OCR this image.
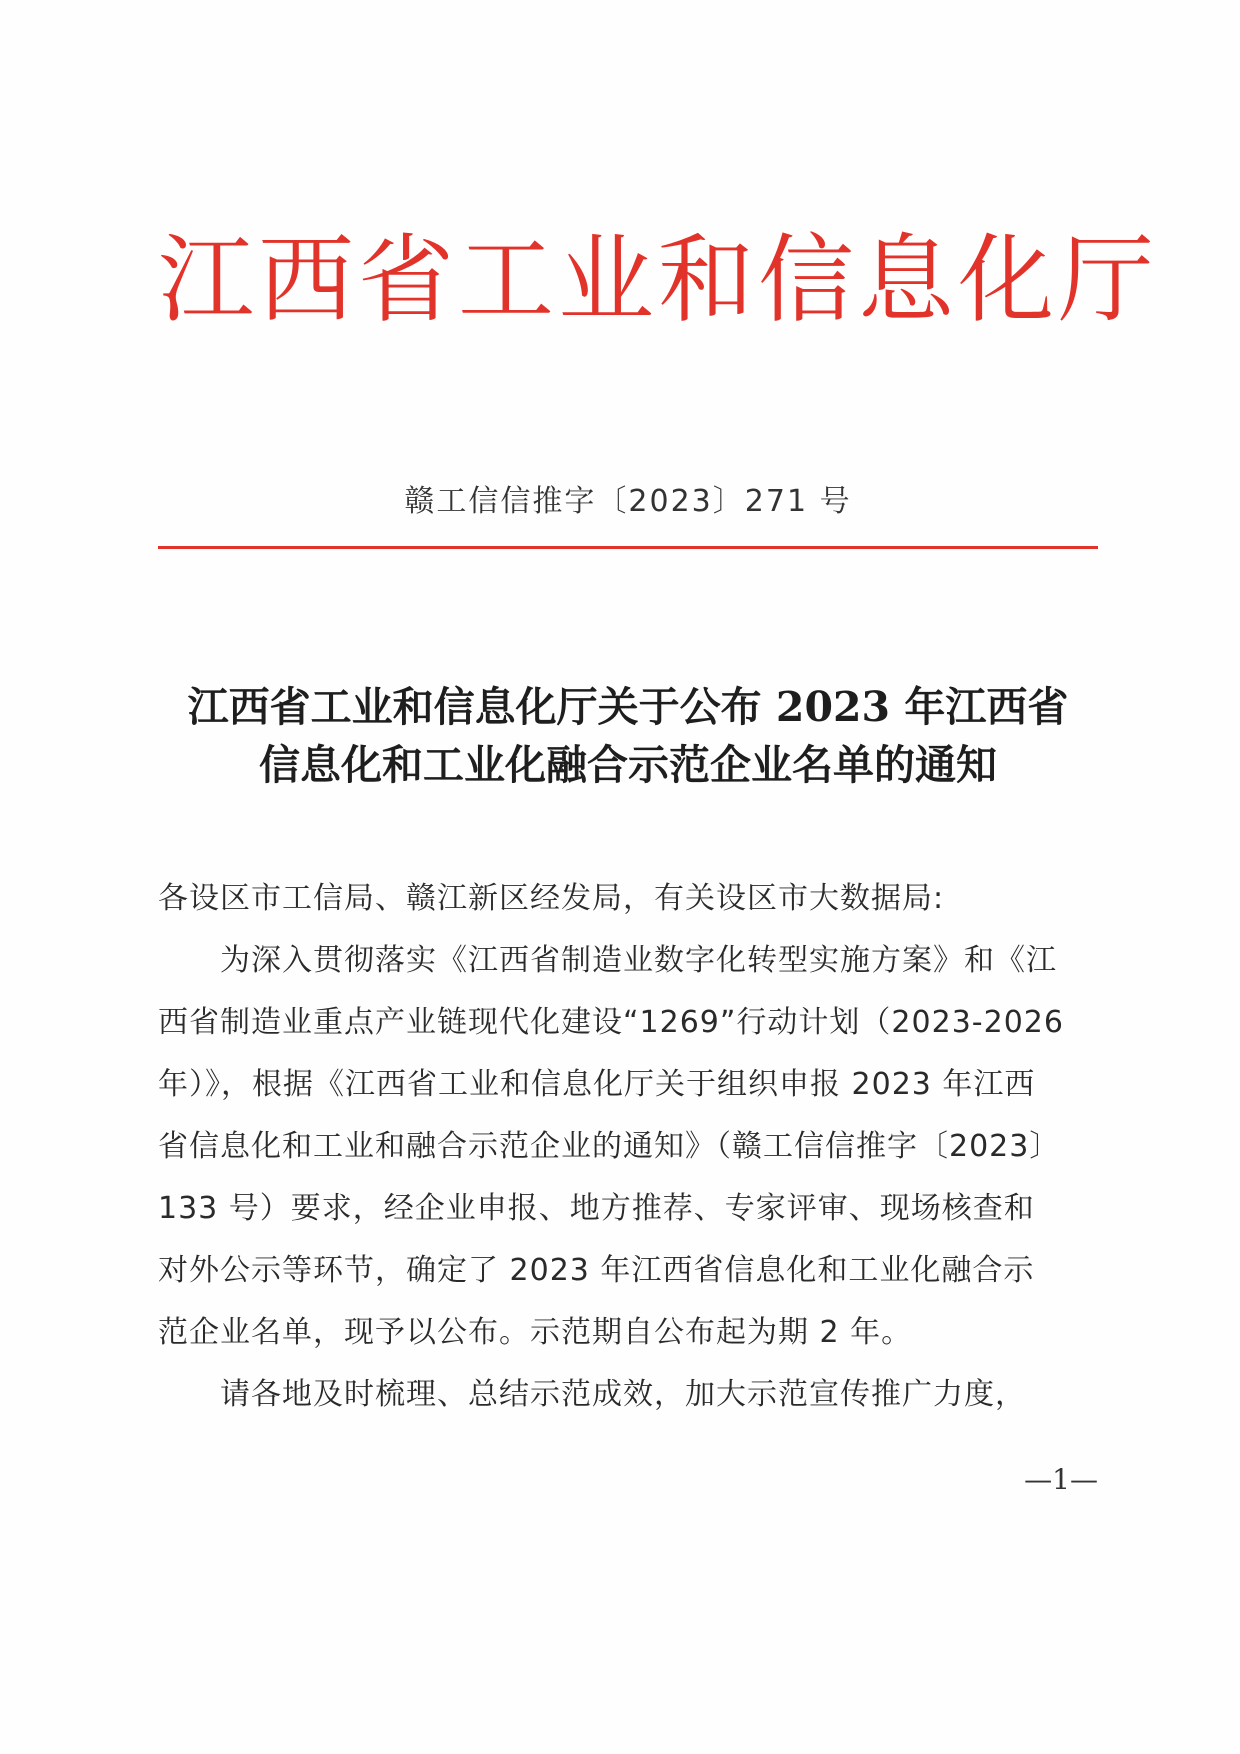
江西省工业和信息化厅
赣工信信推字〔2023〕271 号
江西省工业和信息化厅关于公布 2023 年江西省
信息化和工业化融合示范企业名单的通知
各设区市工信局、赣江新区经发局，有关设区市大数据局:
为深入贯彻落实《江西省制造业数字化转型实施方案》和《江
西省制造业重点产业链现代化建设“1269”行动计划（2023-2026
年）》，根据《江西省工业和信息化厅关于组织申报 2023 年江西
省信息化和工业和融合示范企业的通知》（赣工信信推字〔2023〕
133 号）要求，经企业申报、地方推荐、专家评审、现场核查和
对外公示等环节，确定了 2023 年江西省信息化和工业化融合示
范企业名单，现予以公布。示范期自公布起为期 2 年。
请各地及时梳理、总结示范成效，加大示范宣传推广力度，
—1—
